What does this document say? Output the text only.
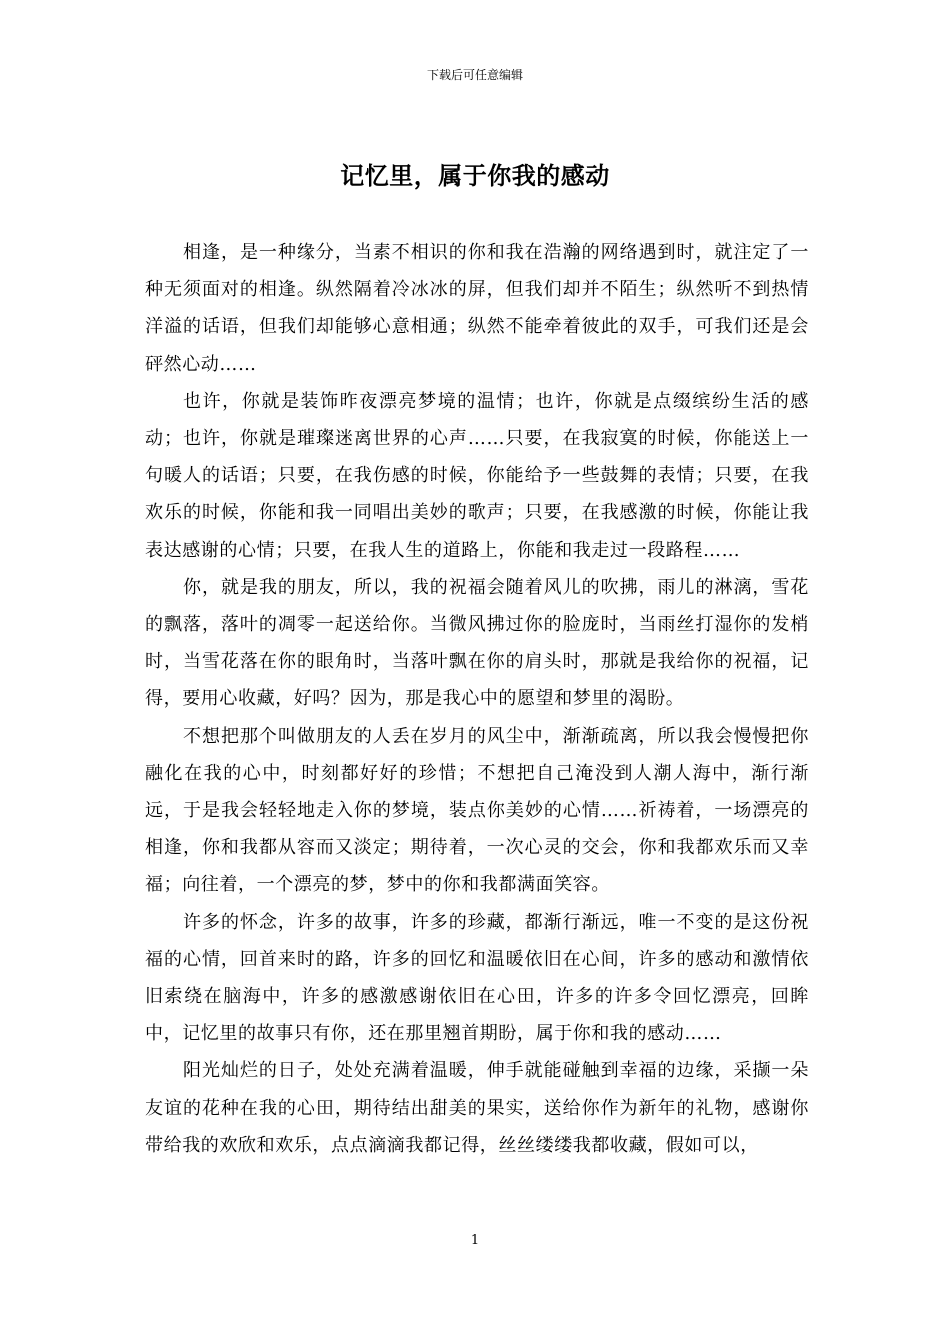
下载后可任意编辑
记忆里，属于你我的感动

相逢，是一种缘分，当素不相识的你和我在浩瀚的网络遇到时，就注定了一种无须面对的相逢。纵然隔着冷冰冰的屏，但我们却并不陌生；纵然听不到热情洋溢的话语，但我们却能够心意相通；纵然不能牵着彼此的双手，可我们还是会砰然心动……

也许，你就是装饰昨夜漂亮梦境的温情；也许，你就是点缀缤纷生活的感动；也许，你就是璀璨迷离世界的心声……只要，在我寂寞的时候，你能送上一句暖人的话语；只要，在我伤感的时候，你能给予一些鼓舞的表情；只要，在我欢乐的时候，你能和我一同唱出美妙的歌声；只要，在我感激的时候，你能让我表达感谢的心情；只要，在我人生的道路上，你能和我走过一段路程……

你，就是我的朋友，所以，我的祝福会随着风儿的吹拂，雨儿的淋漓，雪花的飘落，落叶的凋零一起送给你。当微风拂过你的脸庞时，当雨丝打湿你的发梢时，当雪花落在你的眼角时，当落叶飘在你的肩头时，那就是我给你的祝福，记得，要用心收藏，好吗？因为，那是我心中的愿望和梦里的渴盼。

不想把那个叫做朋友的人丢在岁月的风尘中，渐渐疏离，所以我会慢慢把你融化在我的心中，时刻都好好的珍惜；不想把自己淹没到人潮人海中，渐行渐远，于是我会轻轻地走入你的梦境，装点你美妙的心情……祈祷着，一场漂亮的相逢，你和我都从容而又淡定；期待着，一次心灵的交会，你和我都欢乐而又幸福；向往着，一个漂亮的梦，梦中的你和我都满面笑容。

许多的怀念，许多的故事，许多的珍藏，都渐行渐远，唯一不变的是这份祝福的心情，回首来时的路，许多的回忆和温暖依旧在心间，许多的感动和激情依旧索绕在脑海中，许多的感激感谢依旧在心田，许多的许多令回忆漂亮，回眸中，记忆里的故事只有你，还在那里翘首期盼，属于你和我的感动……

阳光灿烂的日子，处处充满着温暖，伸手就能碰触到幸福的边缘，采撷一朵友谊的花种在我的心田，期待结出甜美的果实，送给你作为新年的礼物，感谢你带给我的欢欣和欢乐，点点滴滴我都记得，丝丝缕缕我都收藏，假如可以，

1
